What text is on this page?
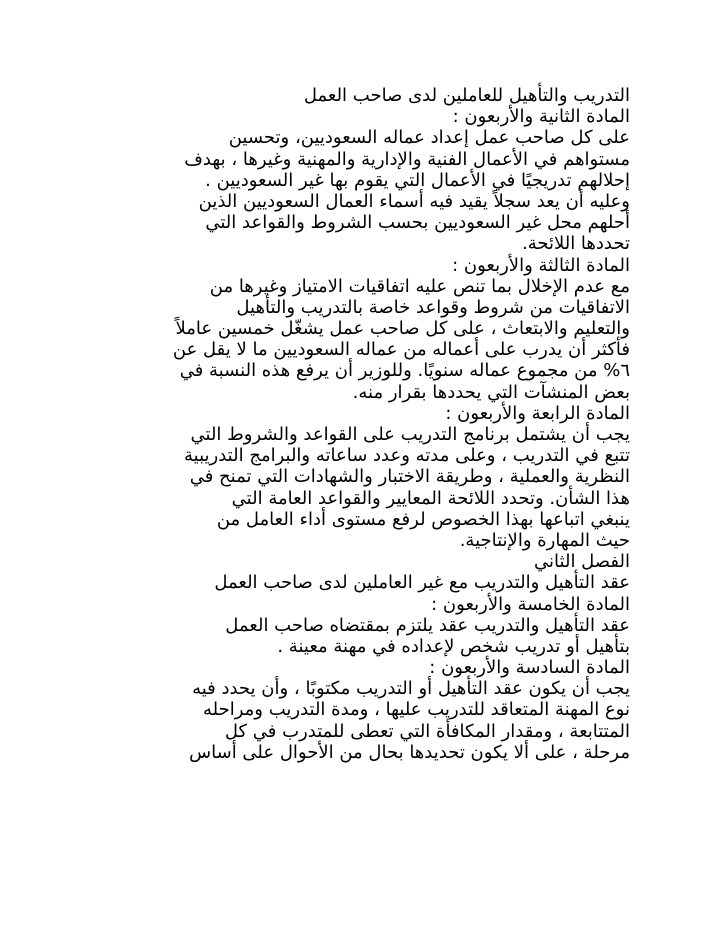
التدريب والتأهيل للعاملين لدى صاحب العمل
المادة الثانية والأربعون :
على كل صاحب عمل إعداد عماله السعوديين، وتحسين
مستواهم في الأعمال الفنية والإدارية والمهنية وغيرها ، بهدف
إحلالهم تدريجيًا في الأعمال التي يقوم بها غير السعوديين .
وعليه أن يعد سجلاً يقيد فيه أسماء العمال السعوديين الذين
أحلهم محل غير السعوديين بحسب الشروط والقواعد التي
تحددها اللائحة.
المادة الثالثة والأربعون :
مع عدم الإخلال بما تنص عليه اتفاقيات الامتياز وغيرها من
الاتفاقيات من شروط وقواعد خاصة بالتدريب والتأهيل
والتعليم والابتعاث ، على كل صاحب عمل يشغّل خمسين عاملاً
فأكثر أن يدرب على أعماله من عماله السعوديين ما لا يقل عن
٦% من مجموع عماله سنويًا. وللوزير أن يرفع هذه النسبة في
بعض المنشآت التي يحددها بقرار منه.
المادة الرابعة والأربعون :
يجب أن يشتمل برنامج التدريب على القواعد والشروط التي
تتبع في التدريب ، وعلى مدته وعدد ساعاته والبرامج التدريبية
النظرية والعملية ، وطريقة الاختبار والشهادات التي تمنح في
هذا الشأن. وتحدد اللائحة المعايير والقواعد العامة التي
ينبغي اتباعها بهذا الخصوص لرفع مستوى أداء العامل من
حيث المهارة والإنتاجية.
الفصل الثاني
عقد التأهيل والتدريب مع غير العاملين لدى صاحب العمل
المادة الخامسة والأربعون :
عقد التأهيل والتدريب عقد يلتزم بمقتضاه صاحب العمل
بتأهيل أو تدريب شخص لإعداده في مهنة معينة .
المادة السادسة والأربعون :
يجب أن يكون عقد التأهيل أو التدريب مكتوبًا ، وأن يحدد فيه
نوع المهنة المتعاقد للتدريب عليها ، ومدة التدريب ومراحله
المتتابعة ، ومقدار المكافأة التي تعطى للمتدرب في كل
مرحلة ، على ألا يكون تحديدها بحال من الأحوال على أساس
